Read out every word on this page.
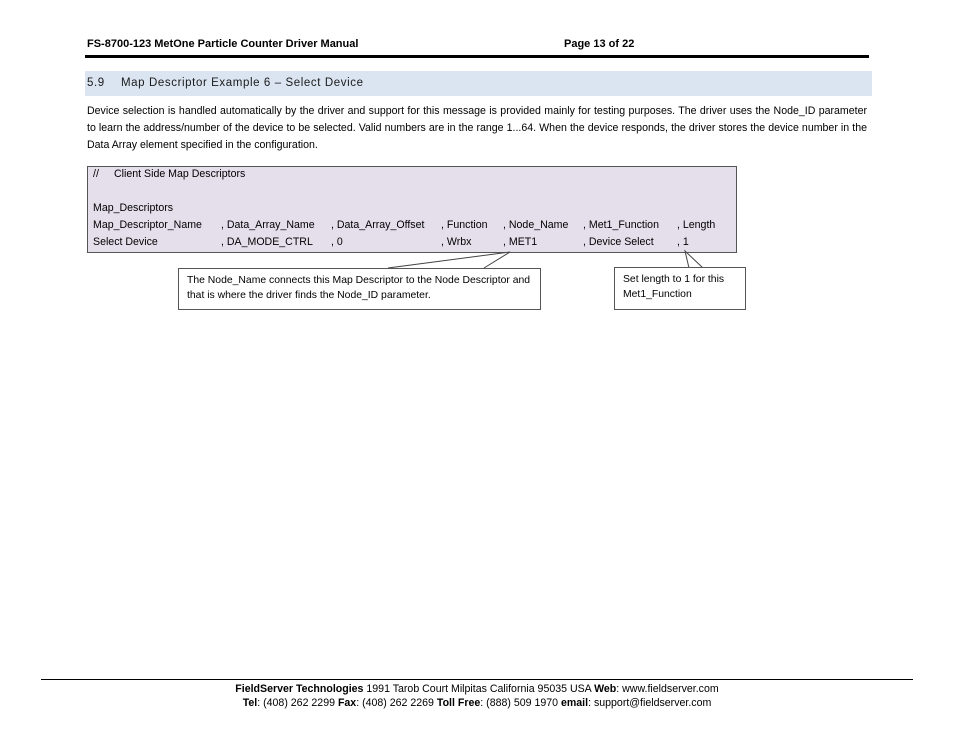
FS-8700-123 MetOne Particle Counter Driver Manual	Page 13 of 22
5.9 Map Descriptor Example 6 – Select Device
Device selection is handled automatically by the driver and support for this message is provided mainly for testing purposes. The driver uses the Node_ID parameter to learn the address/number of the device to be selected. Valid numbers are in the range 1...64. When the device responds, the driver stores the device number in the Data Array element specified in the configuration.
// Client Side Map Descriptors
Map_Descriptors
Map_Descriptor_Name , Data_Array_Name , Data_Array_Offset , Function , Node_Name , Met1_Function , Length
Select Device	, DA_MODE_CTRL , 0	, Wrbx	, MET1	, Device Select , 1
The Node_Name connects this Map Descriptor to the Node Descriptor and that is where the driver finds the Node_ID parameter.
Set length to 1 for this Met1_Function
FieldServer Technologies 1991 Tarob Court Milpitas California 95035 USA Web: www.fieldserver.com
Tel: (408) 262 2299 Fax: (408) 262 2269 Toll Free: (888) 509 1970 email: support@fieldserver.com
